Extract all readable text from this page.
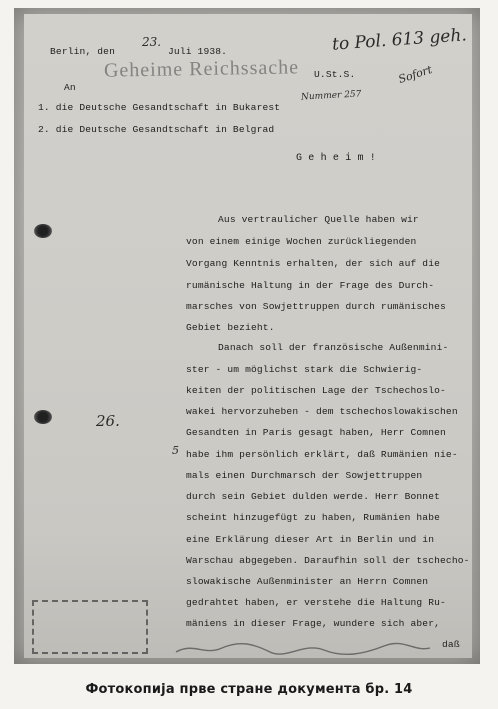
Geheime Reichssache
Berlin, den
23.
Juli 1938.	to Pol. 613 geh.
U.St.S.	Sofort
Nummer 257
An
1. die Deutsche Gesandtschaft in Bukarest
2. die Deutsche Gesandtschaft in Belgrad
G e h e i m !
26.
5
Aus vertraulicher Quelle haben wir
von einem einige Wochen zurückliegenden
Vorgang Kenntnis erhalten, der sich auf die
rumänische Haltung in der Frage des Durch-
marsches von Sowjettruppen durch rumänisches
Gebiet bezieht.
Danach soll der französische Außenmini-
ster - um möglichst stark die Schwierig-
keiten der politischen Lage der Tschechoslo-
wakei hervorzuheben - dem tschechoslowakischen
Gesandten in Paris gesagt haben, Herr Comnen
habe ihm persönlich erklärt, daß Rumänien nie-
mals einen Durchmarsch der Sowjettruppen
durch sein Gebiet dulden werde. Herr Bonnet
scheint hinzugefügt zu haben, Rumänien habe
eine Erklärung dieser Art in Berlin und in
Warschau abgegeben. Daraufhin soll der tschecho-
slowakische Außenminister an Herrn Comnen
gedrahtet haben, er verstehe die Haltung Ru-
mäniens in dieser Frage, wundere sich aber,
daß
Фотокопија прве стране документа бр. 14
